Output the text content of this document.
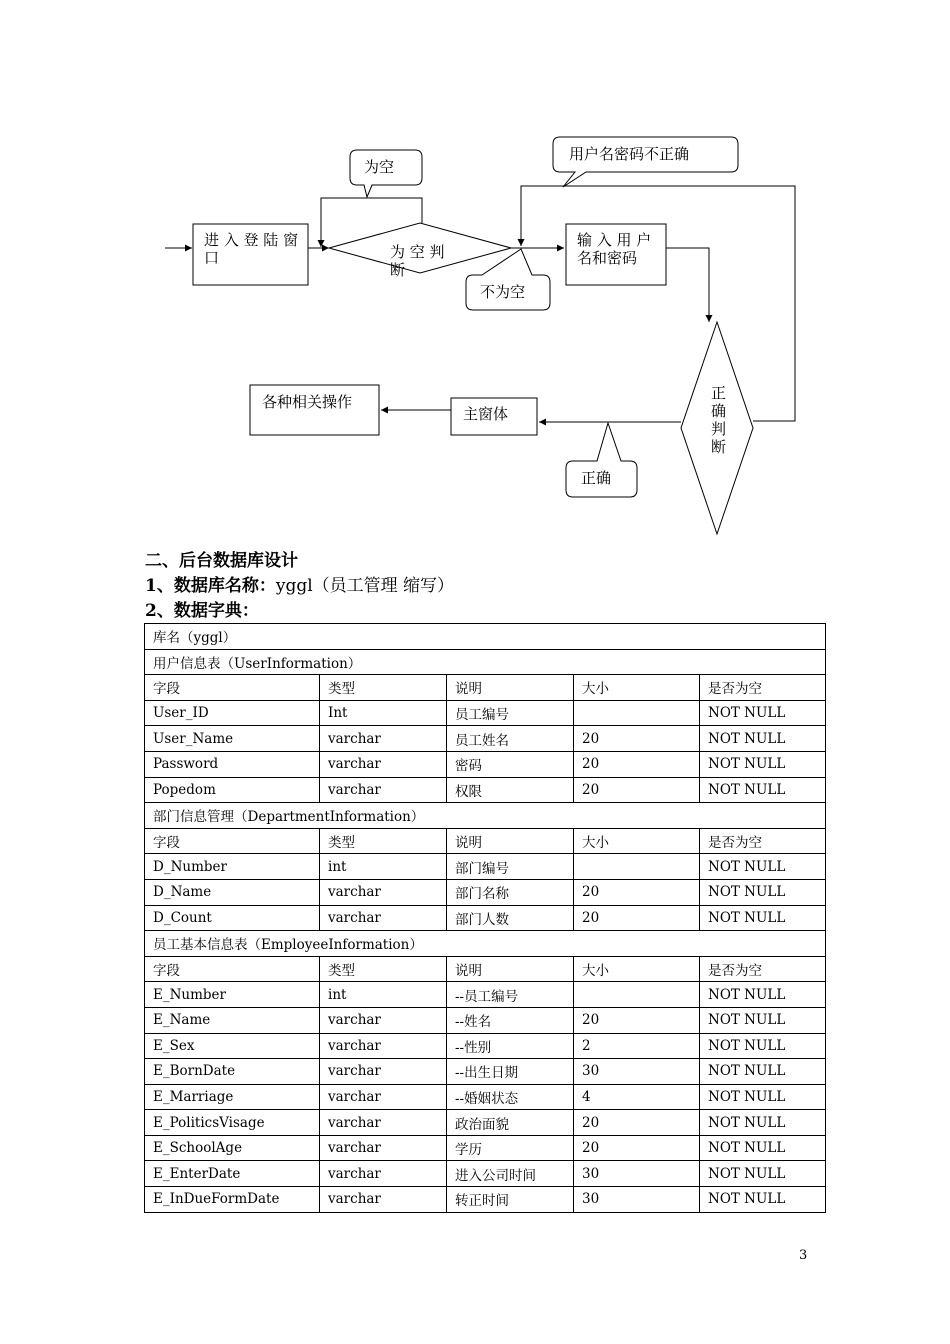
进 入 登 陆 窗
口	为 空 判
断
输 入 用 户
名和密码
正
确
判
断
主窗体
各种相关操作
为空
不为空
用户名密码不正确
正确

二、后台数据库设计

1、数据库名称：yggl（员工管理 缩写）

2、数据字典：

库名（yggl）				
用户信息表（UserInformation）				
字段	类型	说明	大小	是否为空
User_ID	Int	员工编号		NOT NULL
User_Name	varchar	员工姓名	20	NOT NULL
Password	varchar	密码	20	NOT NULL
Popedom	varchar	权限	20	NOT NULL
部门信息管理（DepartmentInformation）				
字段	类型	说明	大小	是否为空
D_Number	int	部门编号		NOT NULL
D_Name	varchar	部门名称	20	NOT NULL
D_Count	varchar	部门人数	20	NOT NULL
员工基本信息表（EmployeeInformation）				
字段	类型	说明	大小	是否为空
E_Number	int	--员工编号		NOT NULL
E_Name	varchar	--姓名	20	NOT NULL
E_Sex	varchar	--性别	2	NOT NULL
E_BornDate	varchar	--出生日期	30	NOT NULL
E_Marriage	varchar	--婚姻状态	4	NOT NULL
E_PoliticsVisage	varchar	政治面貌	20	NOT NULL
E_SchoolAge	varchar	学历	20	NOT NULL
E_EnterDate	varchar	进入公司时间	30	NOT NULL
E_InDueFormDate	varchar	转正时间	30	NOT NULL
3
